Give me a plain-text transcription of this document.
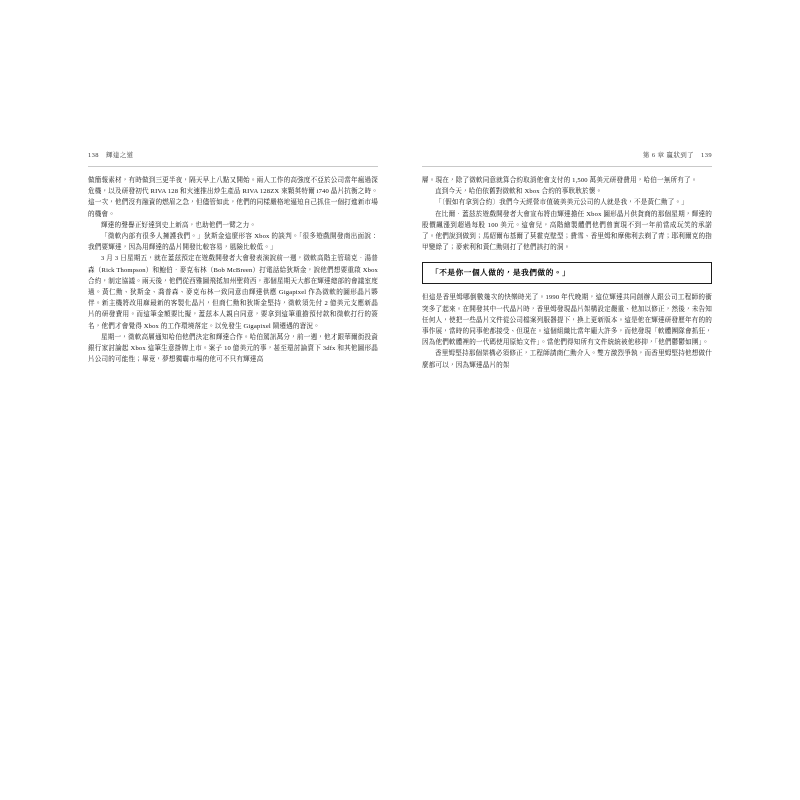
138 輝達之道

做簡報素材，有時做到三更半夜，隔天早上八點又開始。兩人工作的高強度不亞於公司當年瘋過深危機，以及研發初代 RIVA 128 和火速推出炒生產品 RIVA 128ZX 來顆英特爾 i740 晶片抗衡之時。這一次，他們沒有融資的燃眉之急，但儘管如此，他們的同樣嚴格地逼迫自己抓住一個打進新市場的機會。

輝達的聲譽正好達到史上新高，也助他們一臂之力。

「微軟內部有很多人擁護我們。」狄斯金這麼形容 Xbox 的談判。「很多遊戲開發商出面說：我們要輝達，因為用輝達的晶片開發比較容易，風險比較低。」

3 月 3 日星期五，就在蓋茲預定在遊戲開發者大會發表演說前一週，微軟高階主管瑞克．湯普森（Rick Thompson）和鮑伯．麥克布林（Bob McBreen）打電話給狄斯金，說他們想要重啟 Xbox 合約，制定協議。兩天後，他們從西雅圖飛抵加州聖荷西，那個星期天大都在輝達總部的會議室度過。黃仁勳、狄斯金、喬普森、麥克布林一致同意由輝達供應 Gigapixel 作為微軟的圖形晶片夥伴。新主機將改用麻最新的客製化晶片，但商仁勳和狄斯金堅持，微軟須先付 2 億美元支應新晶片的研發費用。而這筆金額要比擬，蓋茲本人親自同意，要拿到這筆重擔預付款和微軟打行的簽名，他們才會覺得 Xbox 的工作環境落定。以免發生 Gigapixel 鬧遷遇的窘況。

星期一，微軟高層通知哈伯他們決定和輝達合作。哈伯駕訊萬分，前一週，他才跟華爾街投資銀行家討論起 Xbox 這筆生意掛牌上市。案子 10 億美元的事，甚至還討論賣下 3dfx 和其他圖形晶片公司的可能性；畢竟，夢想獨霸市場的他可不只有輝達高

第 6 章 贏狀到了 139

層。現在，除了微軟同意就算合約取消他會支付的 1,500 萬美元研發費用，哈伯一無所有了。

直到今天，哈伯依舊對微軟和 Xbox 合約的事耿耿於懷。

「〔假如有拿到合約〕我們今天經營市值破美美元公司的人就是我，不是黃仁勳了。」

在比爾．蓋茲於遊戲開發者大會宣布將由輝達擔任 Xbox 圖形晶片供貨商的那個星期，輝達的股價飆漲到超過每股 100 美元。這會兒，高階繪製體們他們曾實現不到一年前當成玩笑的承諾了。他們說到做到；馬紹爾布基爾了莫霍克壁型；費雪、香里姆和摩佛利去剃了青；耶利爾克的指甲變綠了；麥索利和黃仁勳則打了他們該打的洞。

「不是你一個人做的，是我們做的。」

但這是香里姆哪倒數幾次的快樂時光了。1990 年代晚期，這位輝達共同創辦人跟公司工程師的衝突多了起來。在開發其中一代晶片時，香里姆發現晶片架構設定嚴重、他加以修正，然後，未告知任何人，使把一些晶片文件從公司檔案列服器提下，換上更新版本。這是他在輝達研發歷年有的的事作展，當時的同事他都接受、但現在。這個組織比當年龐大許多，而他發現「軟體團隊會抓狂，因為他們軟體裡的一代碼使用原始文件」。當他們得知所有文件統統被他移抑，「他們鬱鬱如團」。

香里姆堅持那個架構必須修正，工程師請商仁勳介入。雙方激烈爭執，而香里姆堅持他想做什麼都可以，因為輝達晶片的架
